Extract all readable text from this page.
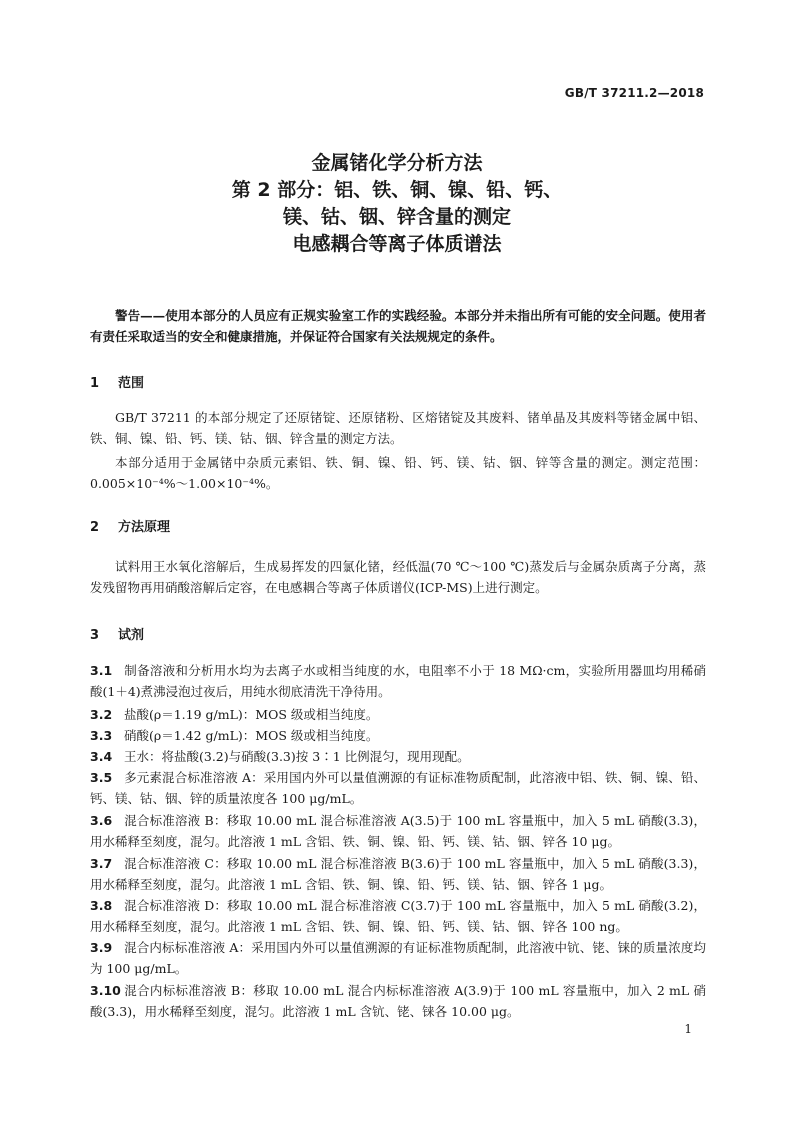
GB/T 37211.2—2018
金属锗化学分析方法
第 2 部分：铝、铁、铜、镍、铅、钙、
镁、钴、铟、锌含量的测定
电感耦合等离子体质谱法

警告——使用本部分的人员应有正规实验室工作的实践经验。本部分并未指出所有可能的安全问题。使用者有责任采取适当的安全和健康措施，并保证符合国家有关法规规定的条件。

1 范围

GB/T 37211 的本部分规定了还原锗锭、还原锗粉、区熔锗锭及其废料、锗单晶及其废料等锗金属中铝、铁、铜、镍、铅、钙、镁、钴、铟、锌含量的测定方法。

本部分适用于金属锗中杂质元素铝、铁、铜、镍、铅、钙、镁、钴、铟、锌等含量的测定。测定范围：0.005×10⁻⁴%～1.00×10⁻⁴%。

2 方法原理

试料用王水氧化溶解后，生成易挥发的四氯化锗，经低温(70 ℃～100 ℃)蒸发后与金属杂质离子分离，蒸发残留物再用硝酸溶解后定容，在电感耦合等离子体质谱仪(ICP-MS)上进行测定。

3 试剂

3.1 制备溶液和分析用水均为去离子水或相当纯度的水，电阻率不小于 18 MΩ·cm，实验所用器皿均用稀硝酸(1＋4)煮沸浸泡过夜后，用纯水彻底清洗干净待用。

3.2 盐酸(ρ＝1.19 g/mL)：MOS 级或相当纯度。

3.3 硝酸(ρ＝1.42 g/mL)：MOS 级或相当纯度。

3.4 王水：将盐酸(3.2)与硝酸(3.3)按 3∶1 比例混匀，现用现配。

3.5 多元素混合标准溶液 A：采用国内外可以量值溯源的有证标准物质配制，此溶液中铝、铁、铜、镍、铅、钙、镁、钴、铟、锌的质量浓度各 100 μg/mL。

3.6 混合标准溶液 B：移取 10.00 mL 混合标准溶液 A(3.5)于 100 mL 容量瓶中，加入 5 mL 硝酸(3.3)，用水稀释至刻度，混匀。此溶液 1 mL 含铝、铁、铜、镍、铅、钙、镁、钴、铟、锌各 10 μg。

3.7 混合标准溶液 C：移取 10.00 mL 混合标准溶液 B(3.6)于 100 mL 容量瓶中，加入 5 mL 硝酸(3.3)，用水稀释至刻度，混匀。此溶液 1 mL 含铝、铁、铜、镍、铅、钙、镁、钴、铟、锌各 1 μg。

3.8 混合标准溶液 D：移取 10.00 mL 混合标准溶液 C(3.7)于 100 mL 容量瓶中，加入 5 mL 硝酸(3.2)，用水稀释至刻度，混匀。此溶液 1 mL 含铝、铁、铜、镍、铅、钙、镁、钴、铟、锌各 100 ng。

3.9 混合内标标准溶液 A：采用国内外可以量值溯源的有证标准物质配制，此溶液中钪、铑、铼的质量浓度均为 100 μg/mL。

3.10 混合内标标准溶液 B：移取 10.00 mL 混合内标标准溶液 A(3.9)于 100 mL 容量瓶中，加入 2 mL 硝酸(3.3)，用水稀释至刻度，混匀。此溶液 1 mL 含钪、铑、铼各 10.00 μg。

1
